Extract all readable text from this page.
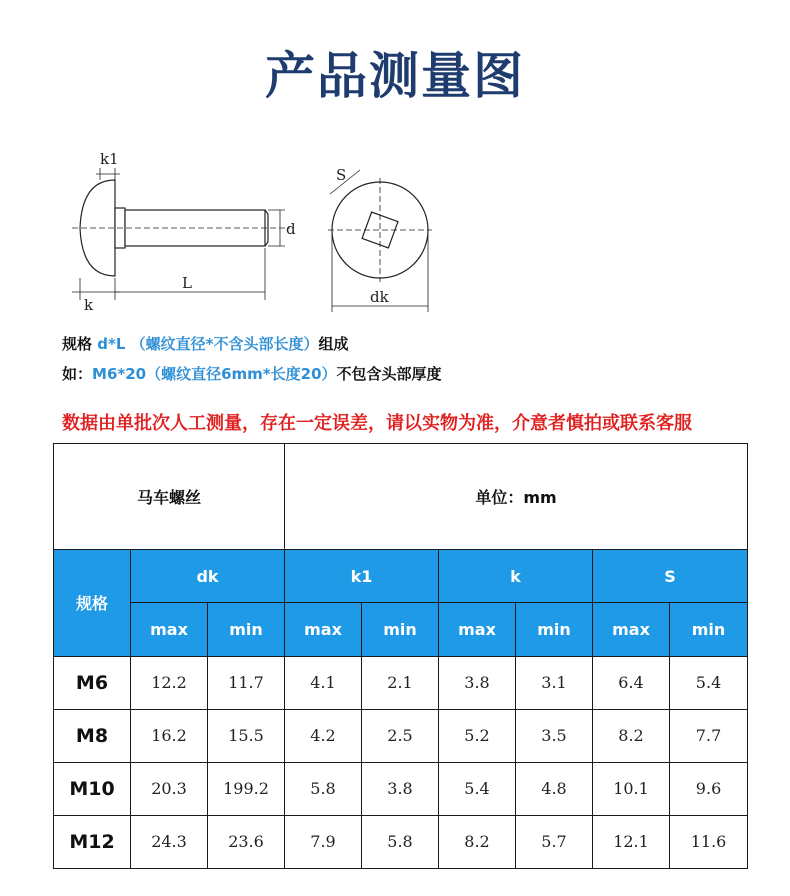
产品测量图
k1
k
L
d
S
dk
规格 d*L （螺纹直径*不含头部长度）组成
如：M6*20（螺纹直径6mm*长度20）不包含头部厚度
数据由单批次人工测量，存在一定误差，请以实物为准，介意者慎拍或联系客服
马车螺丝			单位：mm					
规格	dk		k1		k		S	
	max	min	max	min	max	min	max	min
M6	12.2	11.7	4.1	2.1	3.8	3.1	6.4	5.4
M8	16.2	15.5	4.2	2.5	5.2	3.5	8.2	7.7
M10	20.3	199.2	5.8	3.8	5.4	4.8	10.1	9.6
M12	24.3	23.6	7.9	5.8	8.2	5.7	12.1	11.6
